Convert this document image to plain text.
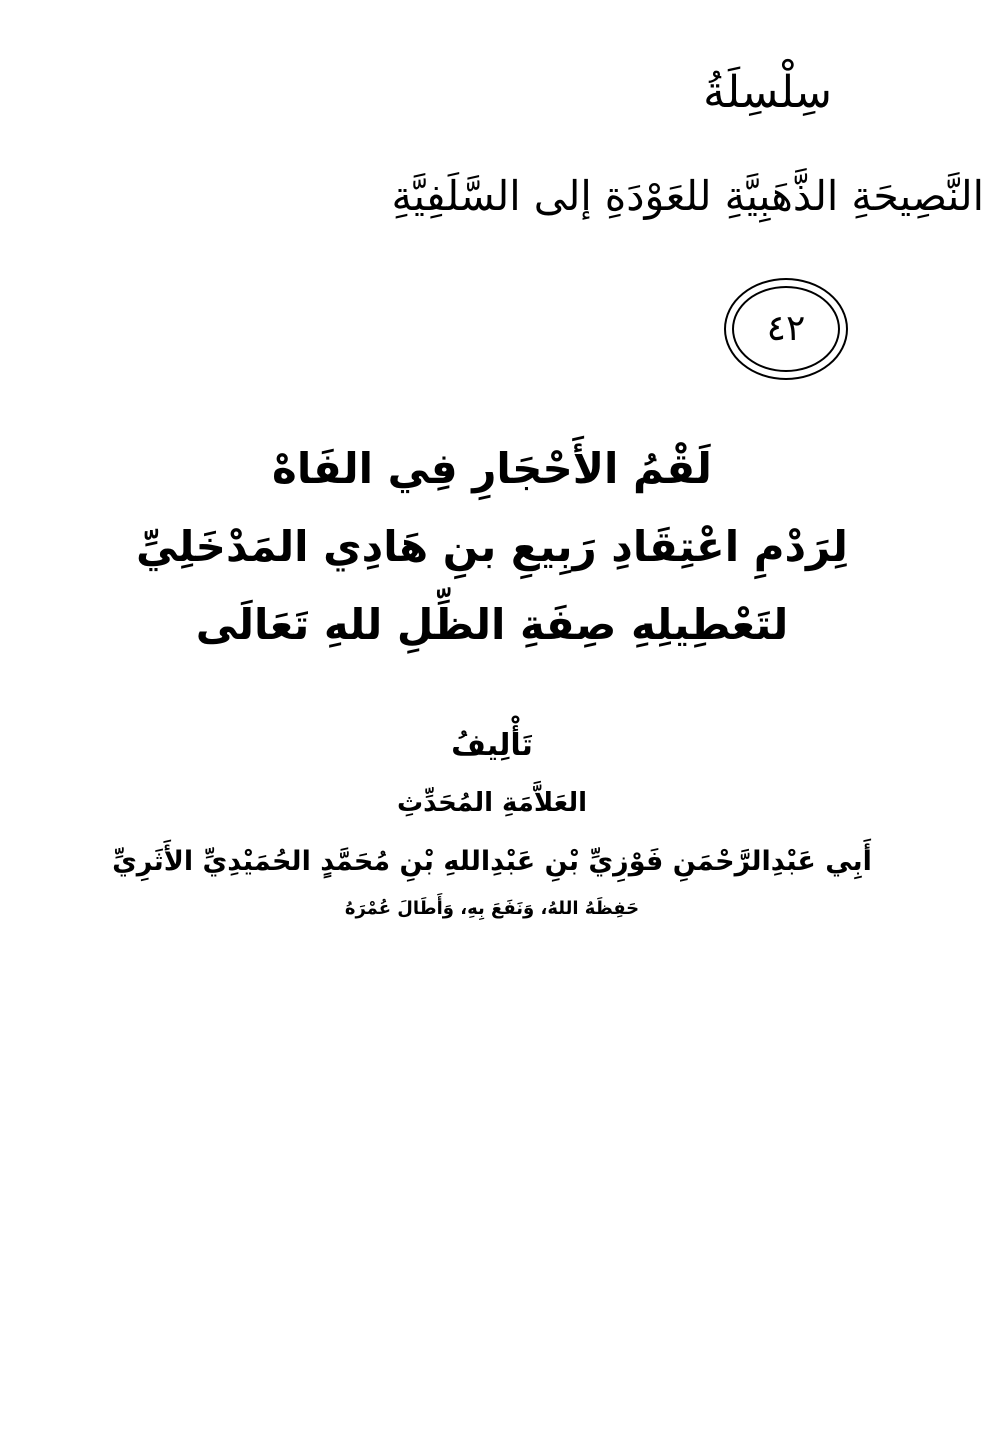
سِلْسِلَةُ
النَّصِيحَةِ الذَّهَبِيَّةِ للعَوْدَةِ إلى السَّلَفِيَّةِ
٤٢
لَقْمُ الأَحْجَارِ فِي الفَاهْ
لِرَدْمِ اعْتِقَادِ رَبِيعِ بنِ هَادِي المَدْخَلِيِّ
لتَعْطِيلِهِ صِفَةِ الظِّلِ للهِ تَعَالَى
تَأْلِيفُ
العَلاَّمَةِ المُحَدِّثِ
أَبِي عَبْدِالرَّحْمَنِ فَوْزِيِّ بْنِ عَبْدِاللهِ بْنِ مُحَمَّدٍ الحُمَيْدِيِّ الأَثَرِيِّ
حَفِظَهُ اللهُ، وَنَفَعَ بِهِ، وَأَطَالَ عُمْرَهُ
